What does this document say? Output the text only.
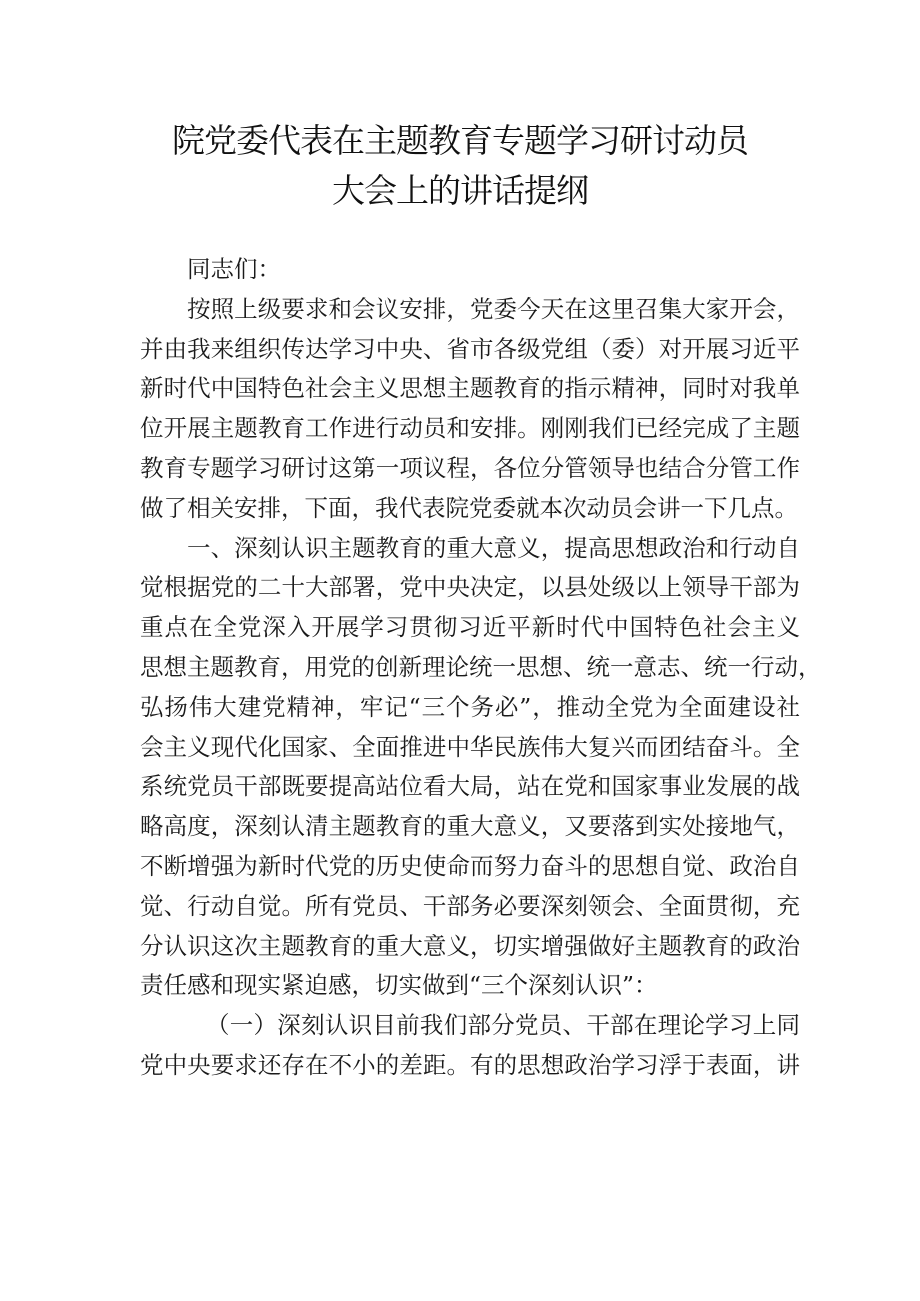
院党委代表在主题教育专题学习研讨动员
大会上的讲话提纲
同志们：
按照上级要求和会议安排，党委今天在这里召集大家开会，
并由我来组织传达学习中央、省市各级党组（委）对开展习近平
新时代中国特色社会主义思想主题教育的指示精神，同时对我单
位开展主题教育工作进行动员和安排。刚刚我们已经完成了主题
教育专题学习研讨这第一项议程，各位分管领导也结合分管工作
做了相关安排，下面，我代表院党委就本次动员会讲一下几点。
一、深刻认识主题教育的重大意义，提高思想政治和行动自
觉根据党的二十大部署，党中央决定，以县处级以上领导干部为
重点在全党深入开展学习贯彻习近平新时代中国特色社会主义
思想主题教育，用党的创新理论统一思想、统一意志、统一行动，
弘扬伟大建党精神，牢记“三个务必”，推动全党为全面建设社
会主义现代化国家、全面推进中华民族伟大复兴而团结奋斗。全
系统党员干部既要提高站位看大局，站在党和国家事业发展的战
略高度，深刻认清主题教育的重大意义，又要落到实处接地气，
不断增强为新时代党的历史使命而努力奋斗的思想自觉、政治自
觉、行动自觉。所有党员、干部务必要深刻领会、全面贯彻，充
分认识这次主题教育的重大意义，切实增强做好主题教育的政治
责任感和现实紧迫感，切实做到“三个深刻认识”：
（一）深刻认识目前我们部分党员、干部在理论学习上同
党中央要求还存在不小的差距。有的思想政治学习浮于表面，讲
